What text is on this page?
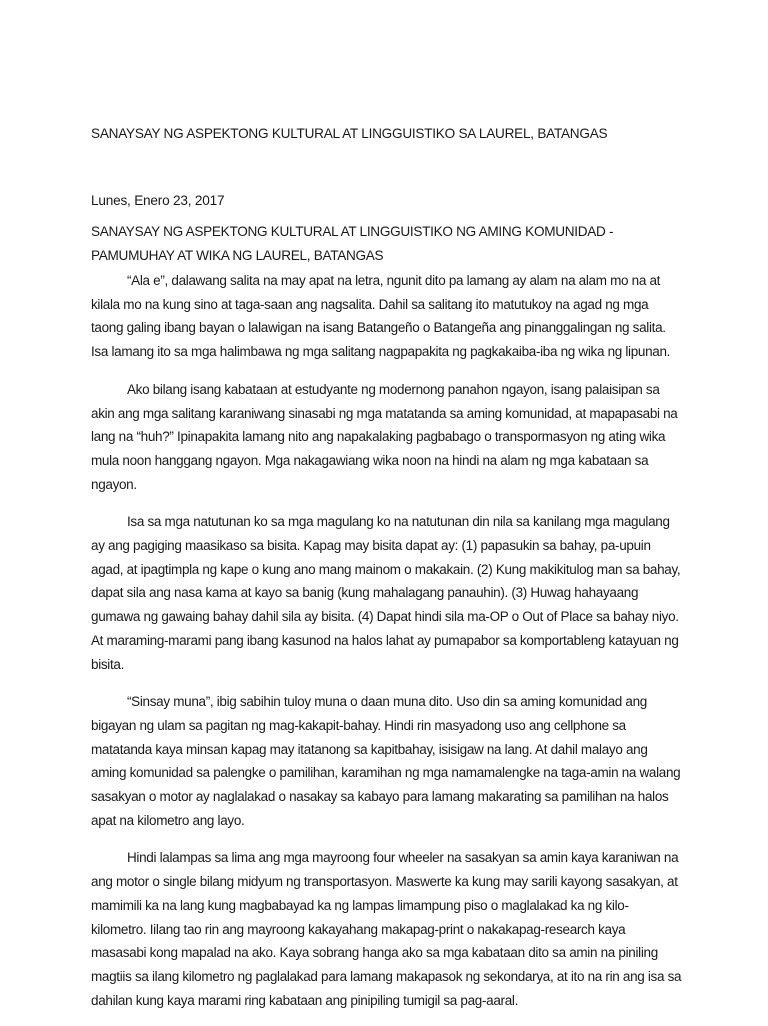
SANAYSAY NG ASPEKTONG KULTURAL AT LINGGUISTIKO SA LAUREL, BATANGAS
Lunes, Enero 23, 2017
SANAYSAY NG ASPEKTONG KULTURAL AT LINGGUISTIKO NG AMING KOMUNIDAD - PAMUMUHAY AT WIKA NG LAUREL, BATANGAS

“Ala e”, dalawang salita na may apat na letra, ngunit dito pa lamang ay alam na alam mo na at kilala mo na kung sino at taga-saan ang nagsalita. Dahil sa salitang ito matutukoy na agad ng mga taong galing ibang bayan o lalawigan na isang Batangeño o Batangeña ang pinanggalingan ng salita. Isa lamang ito sa mga halimbawa ng mga salitang nagpapakita ng pagkakaiba-iba ng wika ng lipunan.

Ako bilang isang kabataan at estudyante ng modernong panahon ngayon, isang palaisipan sa akin ang mga salitang karaniwang sinasabi ng mga matatanda sa aming komunidad, at mapapasabi na lang na “huh?” Ipinapakita lamang nito ang napakalaking pagbabago o transpormasyon ng ating wika mula noon hanggang ngayon. Mga nakagawiang wika noon na hindi na alam ng mga kabataan sa ngayon.

Isa sa mga natutunan ko sa mga magulang ko na natutunan din nila sa kanilang mga magulang ay ang pagiging maasikaso sa bisita. Kapag may bisita dapat ay: (1) papasukin sa bahay, pa-upuin agad, at ipagtimpla ng kape o kung ano mang mainom o makakain. (2) Kung makikitulog man sa bahay, dapat sila ang nasa kama at kayo sa banig (kung mahalagang panauhin). (3) Huwag hahayaang gumawa ng gawaing bahay dahil sila ay bisita. (4) Dapat hindi sila ma-OP o Out of Place sa bahay niyo. At maraming-marami pang ibang kasunod na halos lahat ay pumapabor sa komportableng katayuan ng bisita.

“Sinsay muna”, ibig sabihin tuloy muna o daan muna dito. Uso din sa aming komunidad ang bigayan ng ulam sa pagitan ng mag-kakapit-bahay. Hindi rin masyadong uso ang cellphone sa matatanda kaya minsan kapag may itatanong sa kapitbahay, isisigaw na lang. At dahil malayo ang aming komunidad sa palengke o pamilihan, karamihan ng mga namamalengke na taga-amin na walang sasakyan o motor ay naglalakad o nasakay sa kabayo para lamang makarating sa pamilihan na halos apat na kilometro ang layo.

Hindi lalampas sa lima ang mga mayroong four wheeler na sasakyan sa amin kaya karaniwan na ang motor o single bilang midyum ng transportasyon. Maswerte ka kung may sarili kayong sasakyan, at mamimili ka na lang kung magbabayad ka ng lampas limampung piso o maglalakad ka ng kilo-kilometro. Iilang tao rin ang mayroong kakayahang makapag-print o nakakapag-research kaya masasabi kong mapalad na ako. Kaya sobrang hanga ako sa mga kabataan dito sa amin na piniling magtiis sa ilang kilometro ng paglalakad para lamang makapasok ng sekondarya, at ito na rin ang isa sa dahilan kung kaya marami ring kabataan ang pinipiling tumigil sa pag-aaral.
